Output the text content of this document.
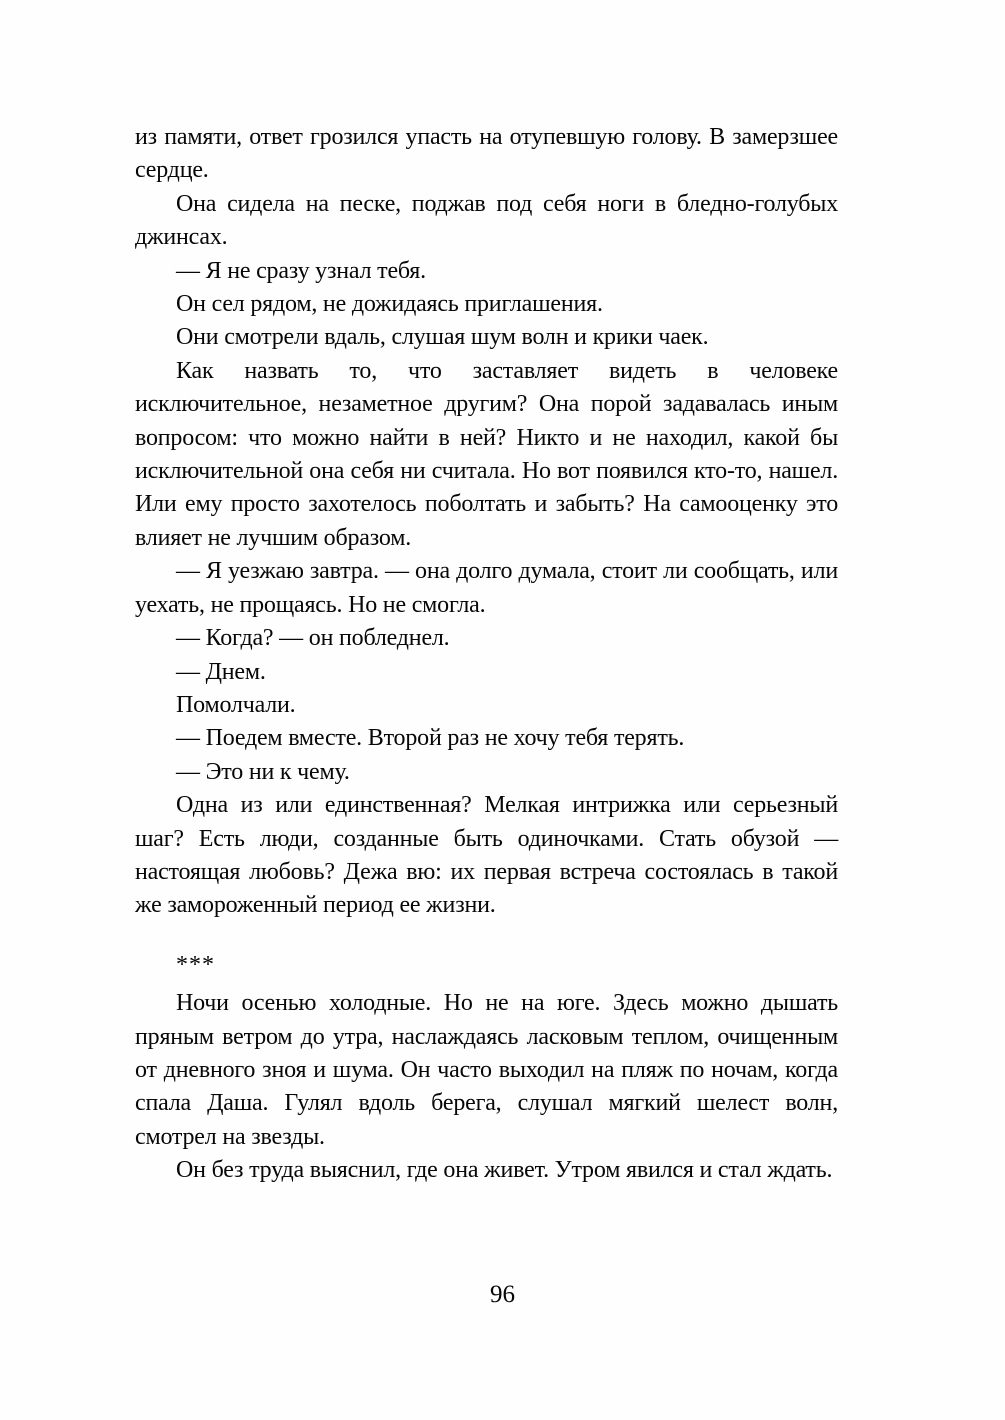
из памяти, ответ грозился упасть на отупевшую голову. В замерзшее сердце.

Она сидела на песке, поджав под себя ноги в бледно-голубых джинсах.

— Я не сразу узнал тебя.

Он сел рядом, не дожидаясь приглашения.

Они смотрели вдаль, слушая шум волн и крики чаек.

Как назвать то, что заставляет видеть в человеке исключительное, незаметное другим? Она порой задавалась иным вопросом: что можно найти в ней? Никто и не находил, какой бы исключительной она себя ни считала. Но вот появился кто-то, нашел. Или ему просто захотелось поболтать и забыть? На самооценку это влияет не лучшим образом.

— Я уезжаю завтра. — она долго думала, стоит ли сообщать, или уехать, не прощаясь. Но не смогла.

— Когда? — он побледнел.

— Днем.

Помолчали.

— Поедем вместе. Второй раз не хочу тебя терять.

— Это ни к чему.

Одна из или единственная? Мелкая интрижка или серьезный шаг? Есть люди, созданные быть одиночками. Стать обузой — настоящая любовь? Дежа вю: их первая встреча состоялась в такой же замороженный период ее жизни.

***

Ночи осенью холодные. Но не на юге. Здесь можно дышать пряным ветром до утра, наслаждаясь ласковым теплом, очищенным от дневного зноя и шума. Он часто выходил на пляж по ночам, когда спала Даша. Гулял вдоль берега, слушал мягкий шелест волн, смотрел на звезды.

Он без труда выяснил, где она живет. Утром явился и стал ждать.

96
